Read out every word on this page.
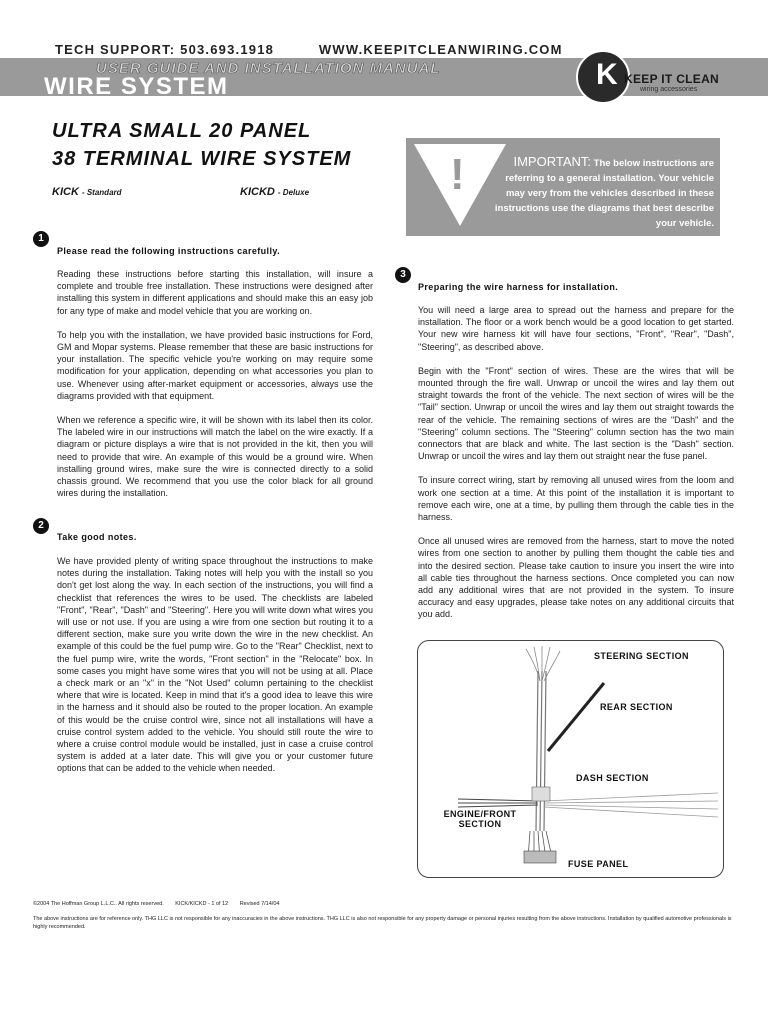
TECH SUPPORT: 503.693.1918	WWW.KEEPITCLEANWIRING.COM
USER GUIDE AND INSTALLATION MANUAL
WIRE SYSTEM	K KEEP IT CLEAN
wiring accessories
ULTRA SMALL 20 PANEL
38 TERMINAL WIRE SYSTEM
KICK - Standard	KICKD - Deluxe	!	IMPORTANT: The below instructions are referring to a general installation. Your vehicle may very from the vehicles described in these instructions use the diagrams that best describe your vehicle.
1
Please read the following instructions carefully.

Reading these instructions before starting this installation, will insure a complete and trouble free installation. These instructions were designed after installing this system in different applications and should make this an easy job for any type of make and model vehicle that you are working on.

To help you with the installation, we have provided basic instructions for Ford, GM and Mopar systems. Please remember that these are basic instructions for your installation. The specific vehicle you're working on may require some modification for your application, depending on what accessories you plan to use. Whenever using after-market equipment or accessories, always use the diagrams provided with that equipment.

When we reference a specific wire, it will be shown with its label then its color. The labeled wire in our instructions will match the label on the wire exactly. If a diagram or picture displays a wire that is not provided in the kit, then you will need to provide that wire. An example of this would be a ground wire. When installing ground wires, make sure the wire is connected directly to a solid chassis ground. We recommend that you use the color black for all ground wires during the installation.

2
Take good notes.

We have provided plenty of writing space throughout the instructions to make notes during the installation. Taking notes will help you with the install so you don't get lost along the way. In each section of the instructions, you will find a checklist that references the wires to be used. The checklists are labeled "Front", "Rear", "Dash" and "Steering". Here you will write down what wires you will use or not use. If you are using a wire from one section but routing it to a different section, make sure you write down the wire in the new checklist. An example of this could be the fuel pump wire. Go to the "Rear" Checklist, next to the fuel pump wire, write the words, "Front section" in the "Relocate" box. In some cases you might have some wires that you will not be using at all. Place a check mark or an "x" in the "Not Used" column pertaining to the checklist where that wire is located. Keep in mind that it's a good idea to leave this wire in the harness and it should also be routed to the proper location. An example of this would be the cruise control wire, since not all installations will have a cruise control system added to the vehicle. You should still route the wire to where a cruise control module would be installed, just in case a cruise control system is added at a later date. This will give you or your customer future options that can be added to the vehicle when needed.

3
Preparing the wire harness for installation.

You will need a large area to spread out the harness and prepare for the installation. The floor or a work bench would be a good location to get started. Your new wire harness kit will have four sections, "Front", "Rear", "Dash", "Steering", as described above.

Begin with the "Front" section of wires. These are the wires that will be mounted through the fire wall. Unwrap or uncoil the wires and lay them out straight towards the front of the vehicle. The next section of wires will be the "Tail" section. Unwrap or uncoil the wires and lay them out straight towards the rear of the vehicle. The remaining sections of wires are the "Dash" and the "Steering" column sections. The "Steering" column section has the two main connectors that are black and white. The last section is the "Dash" section. Unwrap or uncoil the wires and lay them out straight near the fuse panel.

To insure correct wiring, start by removing all unused wires from the loom and work one section at a time. At this point of the installation it is important to remove each wire, one at a time, by pulling them through the cable ties in the harness.

Once all unused wires are removed from the harness, start to move the noted wires from one section to another by pulling them thought the cable ties and into the desired section. Please take caution to insure you insert the wire into all cable ties throughout the harness sections. Once completed you can now add any additional wires that are not provided in the system. To insure accuracy and easy upgrades, please take notes on any additional circuits that you add.

STEERING SECTION
REAR SECTION
DASH SECTION
ENGINE/FRONT
SECTION
FUSE PANEL
©2004 The Hoffman Group L.L.C.. All rights reserved. KICK/KICKD - 1 of 12 Revised 7/14/04
The above instructions are for reference only. THG LLC is not responsible for any inaccuracies in the above instructions. THG LLC is also not responsible for any property damage or personal injuries resulting from the above instructions. Installation by qualified automotive professionals is highly recommended.
